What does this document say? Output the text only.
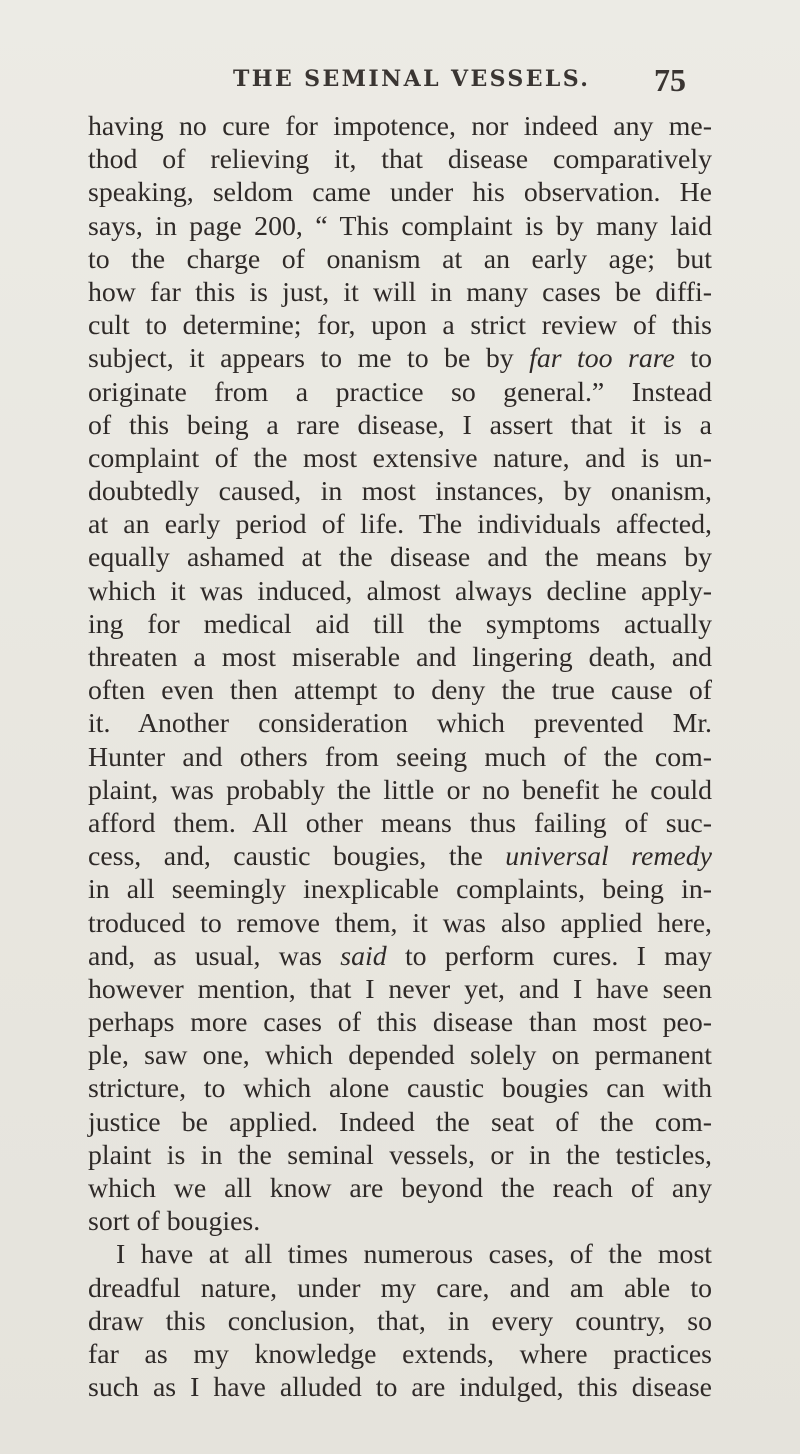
THE SEMINAL VESSELS. 75
having no cure for impotence, nor indeed any me-
thod of relieving it, that disease comparatively
speaking, seldom came under his observation. He
says, in page 200, “ This complaint is by many laid
to the charge of onanism at an early age; but
how far this is just, it will in many cases be diffi-
cult to determine; for, upon a strict review of this
subject, it appears to me to be by far too rare to
originate from a practice so general.” Instead
of this being a rare disease, I assert that it is a
complaint of the most extensive nature, and is un-
doubtedly caused, in most instances, by onanism,
at an early period of life. The individuals affected,
equally ashamed at the disease and the means by
which it was induced, almost always decline apply-
ing for medical aid till the symptoms actually
threaten a most miserable and lingering death, and
often even then attempt to deny the true cause of
it. Another consideration which prevented Mr.
Hunter and others from seeing much of the com-
plaint, was probably the little or no benefit he could
afford them. All other means thus failing of suc-
cess, and, caustic bougies, the universal remedy
in all seemingly inexplicable complaints, being in-
troduced to remove them, it was also applied here,
and, as usual, was said to perform cures. I may
however mention, that I never yet, and I have seen
perhaps more cases of this disease than most peo-
ple, saw one, which depended solely on permanent
stricture, to which alone caustic bougies can with
justice be applied. Indeed the seat of the com-
plaint is in the seminal vessels, or in the testicles,
which we all know are beyond the reach of any
sort of bougies.
I have at all times numerous cases, of the most
dreadful nature, under my care, and am able to
draw this conclusion, that, in every country, so
far as my knowledge extends, where practices
such as I have alluded to are indulged, this disease
